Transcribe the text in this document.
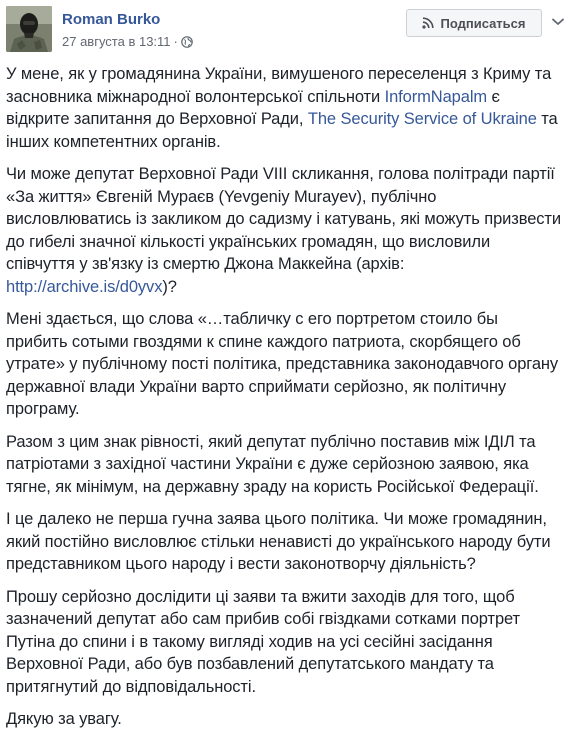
Roman Burko
27 августа в 13:11 ·
Подписаться

У мене, як у громадянина України, вимушеного переселенця з Криму та засновника міжнародної волонтерської спільноти InformNapalm є відкрите запитання до Верховної Ради, The Security Service of Ukraine та інших компетентних органів.

Чи може депутат Верховної Ради VIII скликання, голова політради партії «За життя» Євгеній Мураєв (Yevgeniy Murayev), публічно висловлюватись із закликом до садизму і катувань, які можуть призвести до гибелі значної кількості українських громадян, що висловили співчуття у зв'язку із смертю Джона Маккейна (архів: http://archive.is/d0yvx)?

Мені здається, що слова «…табличку с его портретом стоило бы прибить сотыми гвоздями к спине каждого патриота, скорбящего об утрате» у публічному пості політика, представника законодавчого органу державної влади України варто сприймати серйозно, як політичну програму.

Разом з цим знак рівності, який депутат публічно поставив між ІДІЛ та патріотами з західної частини України є дуже серйозною заявою, яка тягне, як мінімум, на державну зраду на користь Російської Федерації.

І це далеко не перша гучна заява цього політика. Чи може громадянин, який постійно висловлює стільки ненависті до українського народу бути представником цього народу і вести законотворчу діяльність?

Прошу серйозно дослідити ці заяви та вжити заходів для того, щоб зазначений депутат або сам прибив собі гвіздками сотками портрет Путіна до спини і в такому вигляді ходив на усі сесійні засідання Верховної Ради, або був позбавлений депутатського мандату та притягнутий до відповідальності.

Дякую за увагу.
